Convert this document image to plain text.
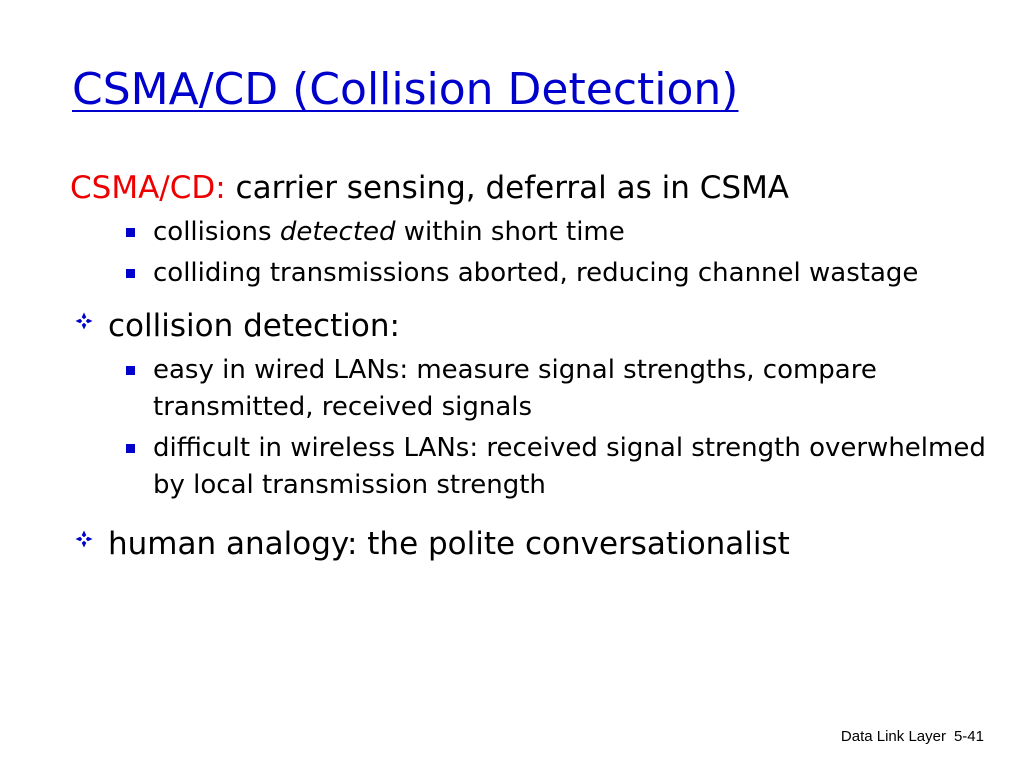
CSMA/CD (Collision Detection)
CSMA/CD: carrier sensing, deferral as in CSMA
collisions detected within short time
colliding transmissions aborted, reducing channel wastage
collision detection:
easy in wired LANs: measure signal strengths, compare transmitted, received signals
difficult in wireless LANs: received signal strength overwhelmed by local transmission strength
human analogy: the polite conversationalist
Data Link Layer 5-41
